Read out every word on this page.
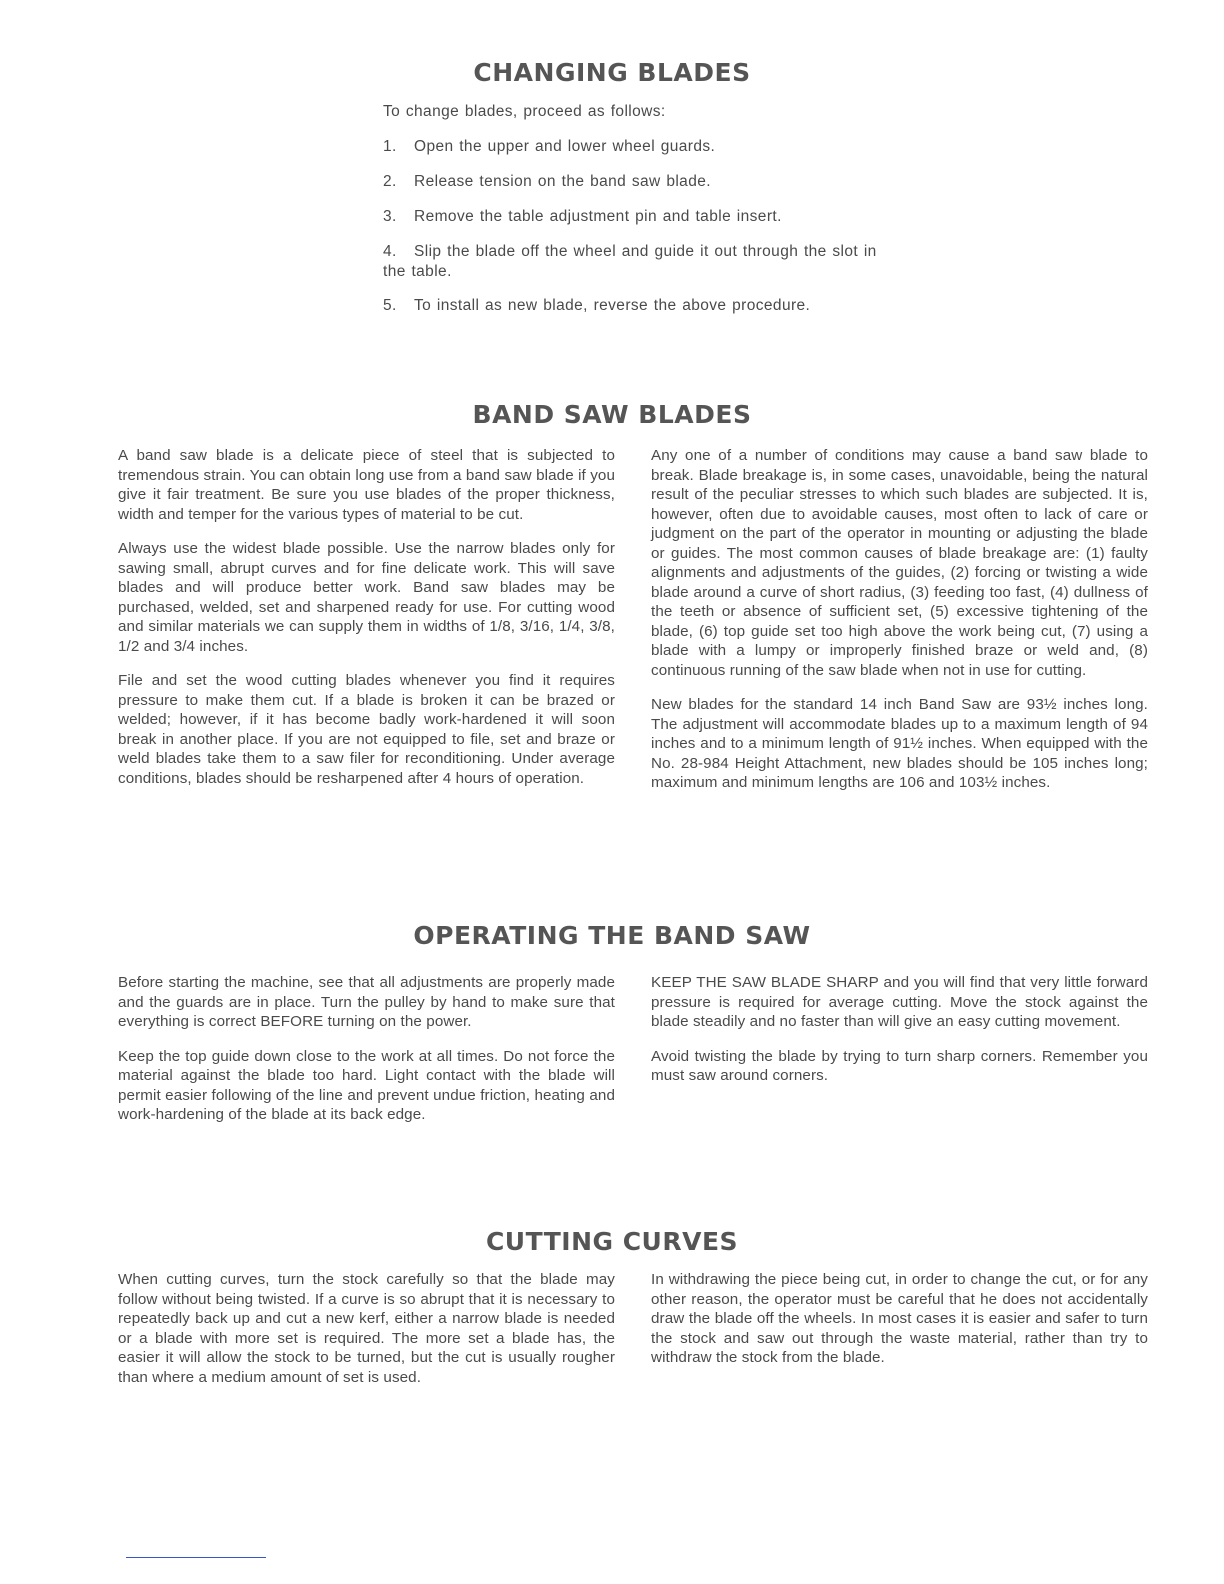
CHANGING BLADES

To change blades, proceed as follows:

1. Open the upper and lower wheel guards.

2. Release tension on the band saw blade.

3. Remove the table adjustment pin and table insert.

4. Slip the blade off the wheel and guide it out through the slot in the table.

5. To install as new blade, reverse the above procedure.

BAND SAW BLADES

A band saw blade is a delicate piece of steel that is subjected to tremendous strain. You can obtain long use from a band saw blade if you give it fair treatment. Be sure you use blades of the proper thickness, width and temper for the various types of material to be cut.

Always use the widest blade possible. Use the narrow blades only for sawing small, abrupt curves and for fine delicate work. This will save blades and will produce better work. Band saw blades may be purchased, welded, set and sharpened ready for use. For cutting wood and similar materials we can supply them in widths of 1/8, 3/16, 1/4, 3/8, 1/2 and 3/4 inches.

File and set the wood cutting blades whenever you find it requires pressure to make them cut. If a blade is broken it can be brazed or welded; however, if it has become badly work-hardened it will soon break in another place. If you are not equipped to file, set and braze or weld blades take them to a saw filer for reconditioning. Under average conditions, blades should be resharpened after 4 hours of operation.

Any one of a number of conditions may cause a band saw blade to break. Blade breakage is, in some cases, unavoidable, being the natural result of the peculiar stresses to which such blades are subjected. It is, however, often due to avoidable causes, most often to lack of care or judgment on the part of the operator in mounting or adjusting the blade or guides. The most common causes of blade breakage are: (1) faulty alignments and adjustments of the guides, (2) forcing or twisting a wide blade around a curve of short radius, (3) feeding too fast, (4) dullness of the teeth or absence of sufficient set, (5) excessive tightening of the blade, (6) top guide set too high above the work being cut, (7) using a blade with a lumpy or improperly finished braze or weld and, (8) continuous running of the saw blade when not in use for cutting.

New blades for the standard 14 inch Band Saw are 93½ inches long. The adjustment will accommodate blades up to a maximum length of 94 inches and to a minimum length of 91½ inches. When equipped with the No. 28-984 Height Attachment, new blades should be 105 inches long; maximum and minimum lengths are 106 and 103½ inches.

OPERATING THE BAND SAW

Before starting the machine, see that all adjustments are properly made and the guards are in place. Turn the pulley by hand to make sure that everything is correct BEFORE turning on the power.

Keep the top guide down close to the work at all times. Do not force the material against the blade too hard. Light contact with the blade will permit easier following of the line and prevent undue friction, heating and work-hardening of the blade at its back edge.

KEEP THE SAW BLADE SHARP and you will find that very little forward pressure is required for average cutting. Move the stock against the blade steadily and no faster than will give an easy cutting movement.

Avoid twisting the blade by trying to turn sharp corners. Remember you must saw around corners.

CUTTING CURVES

When cutting curves, turn the stock carefully so that the blade may follow without being twisted. If a curve is so abrupt that it is necessary to repeatedly back up and cut a new kerf, either a narrow blade is needed or a blade with more set is required. The more set a blade has, the easier it will allow the stock to be turned, but the cut is usually rougher than where a medium amount of set is used.

In withdrawing the piece being cut, in order to change the cut, or for any other reason, the operator must be careful that he does not accidentally draw the blade off the wheels. In most cases it is easier and safer to turn the stock and saw out through the waste material, rather than try to withdraw the stock from the blade.
